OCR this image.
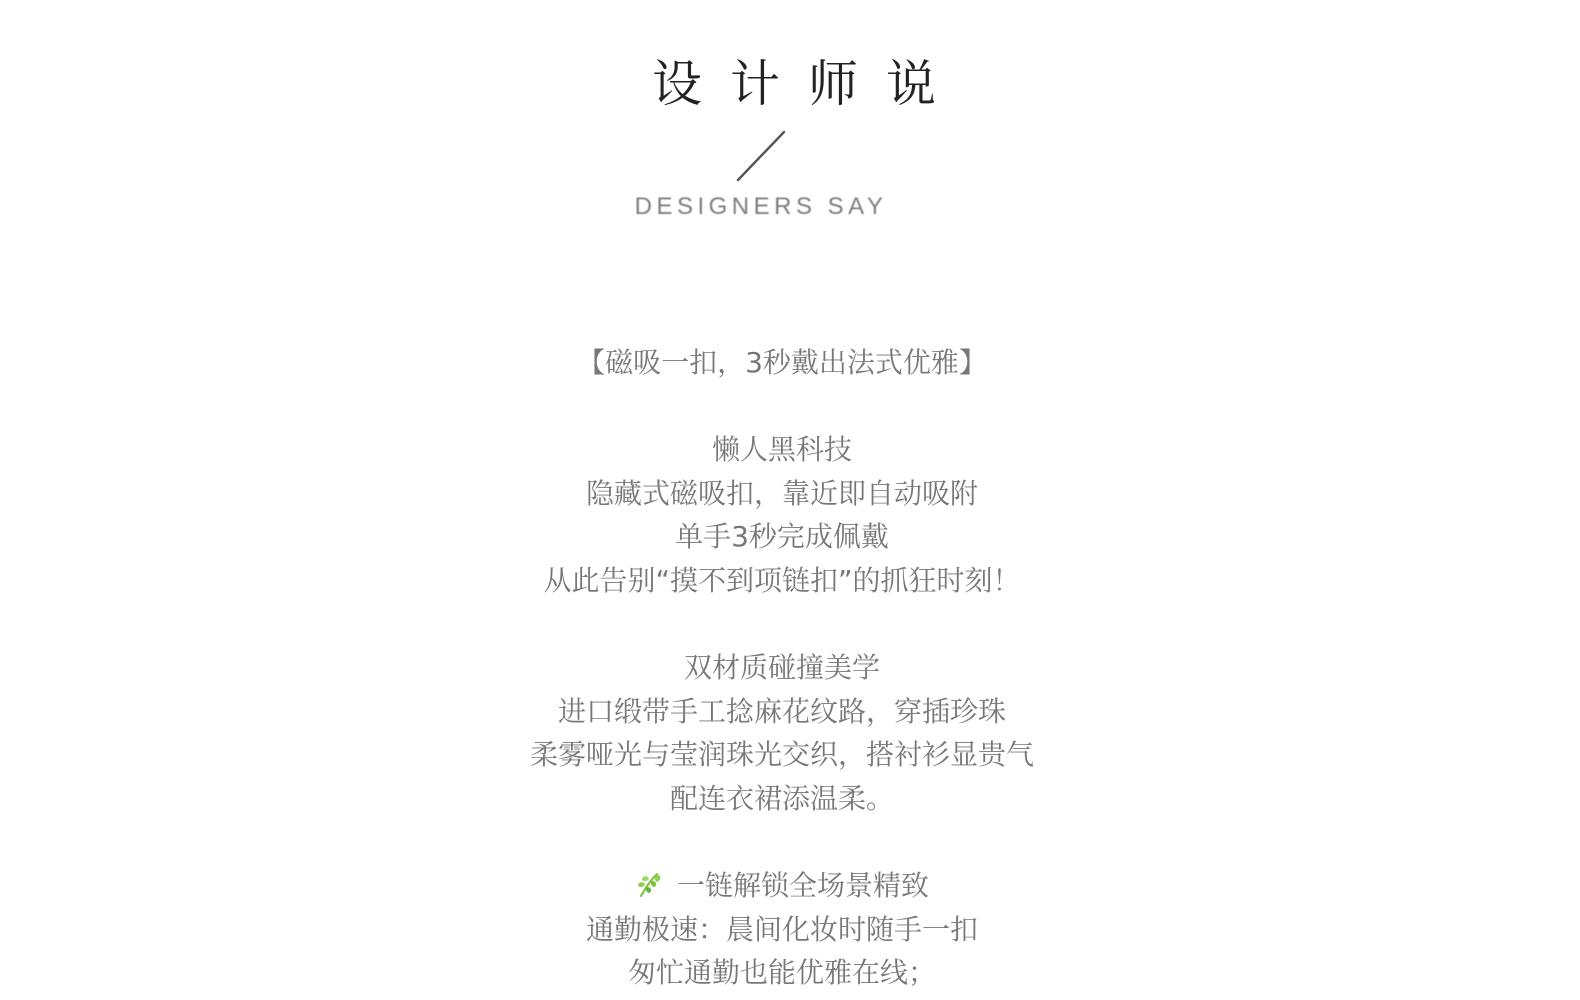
设计师说
DESIGNERS SAY
【磁吸一扣，3秒戴出法式优雅】
懒人黑科技
隐藏式磁吸扣，靠近即自动吸附
单手3秒完成佩戴
从此告别“摸不到项链扣”的抓狂时刻！
双材质碰撞美学
进口缎带手工捻麻花纹路，穿插珍珠
柔雾哑光与莹润珠光交织，搭衬衫显贵气
配连衣裙添温柔。
一链解锁全场景精致
通勤极速：晨间化妆时随手一扣
匆忙通勤也能优雅在线；
